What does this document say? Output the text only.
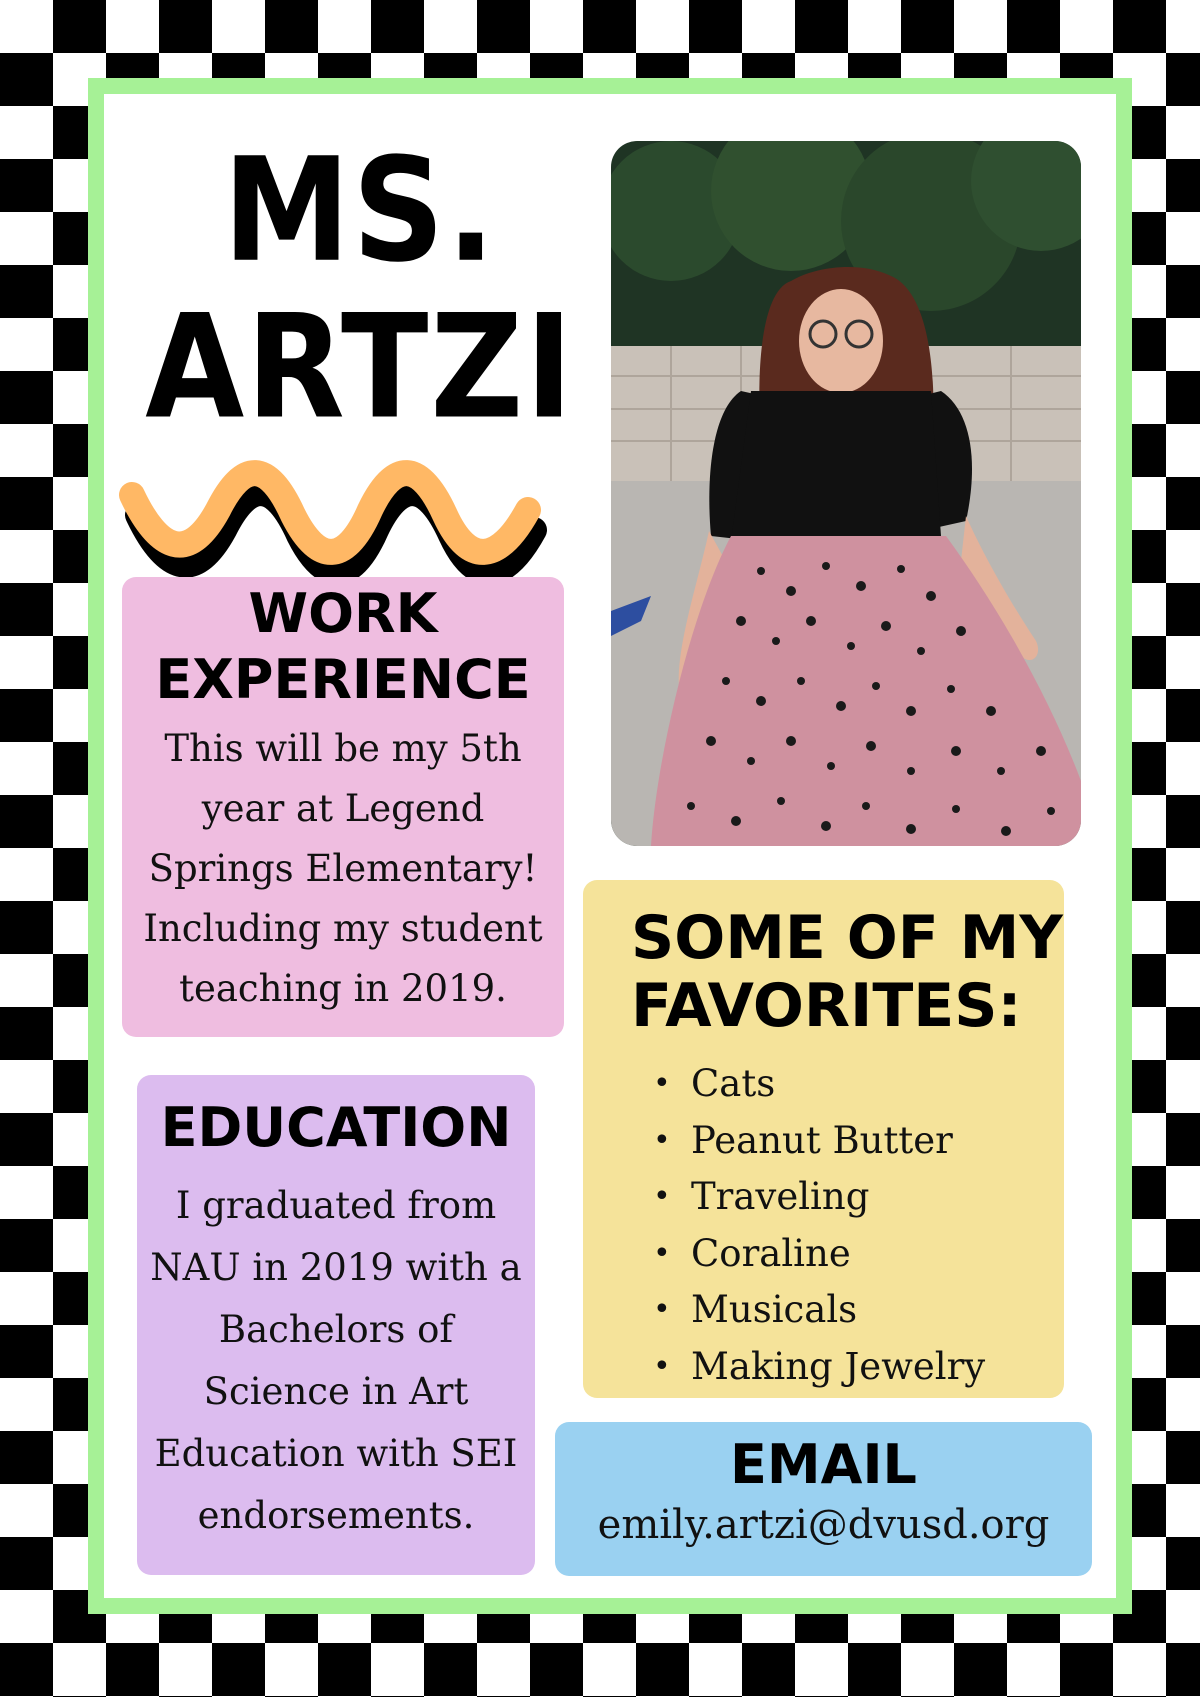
MS.
ARTZI
WORK
EXPERIENCE

This will be my 5th year at Legend Springs Elementary! Including my student teaching in 2019.

EDUCATION

I graduated from NAU in 2019 with a Bachelors of Science in Art Education with SEI endorsements.

SOME OF MY
FAVORITES:
• Cats
• Peanut Butter
• Traveling
• Coraline
• Musicals
• Making Jewelry
EMAIL

emily.artzi@dvusd.org
